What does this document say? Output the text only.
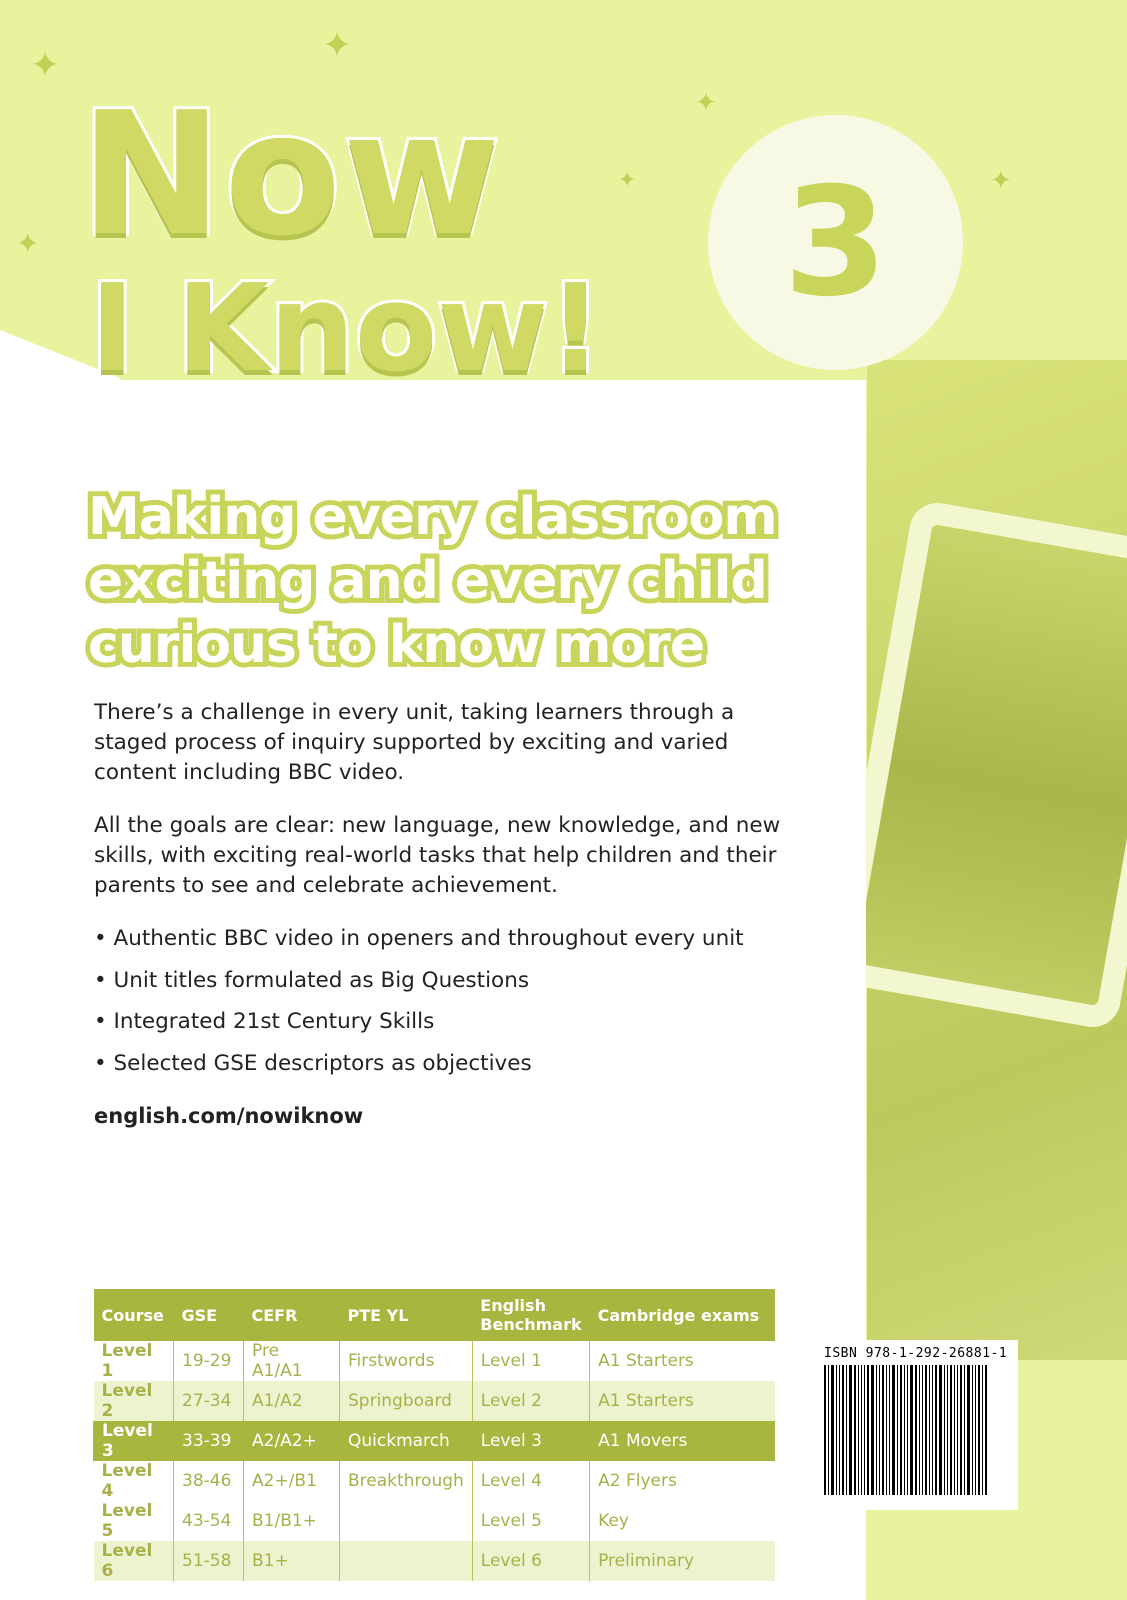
✦	✦
✦
✦
✦	✦
3
Now
I Know!

Making every classroom exciting and every child curious to know more

There’s a challenge in every unit, taking learners through a staged process of inquiry supported by exciting and varied content including BBC video.

All the goals are clear: new language, new knowledge, and new skills, with exciting real-world tasks that help children and their parents to see and celebrate achievement.

• Authentic BBC video in openers and throughout every unit
• Unit titles formulated as Big Questions
• Integrated 21st Century Skills
• Selected GSE descriptors as objectives
english.com/nowiknow
Course	GSE	CEFR	PTE YL	English Benchmark	Cambridge exams
Level 1	19-29	Pre A1/A1	Firstwords	Level 1	A1 Starters
Level 2	27-34	A1/A2	Springboard	Level 2	A1 Starters
Level 3	33-39	A2/A2+	Quickmarch	Level 3	A1 Movers
Level 4	38-46	A2+/B1	Breakthrough	Level 4	A2 Flyers
Level 5	43-54	B1/B1+		Level 5	Key
Level 6	51-58	B1+		Level 6	Preliminary
ISBN 978-1-292-26881-1
